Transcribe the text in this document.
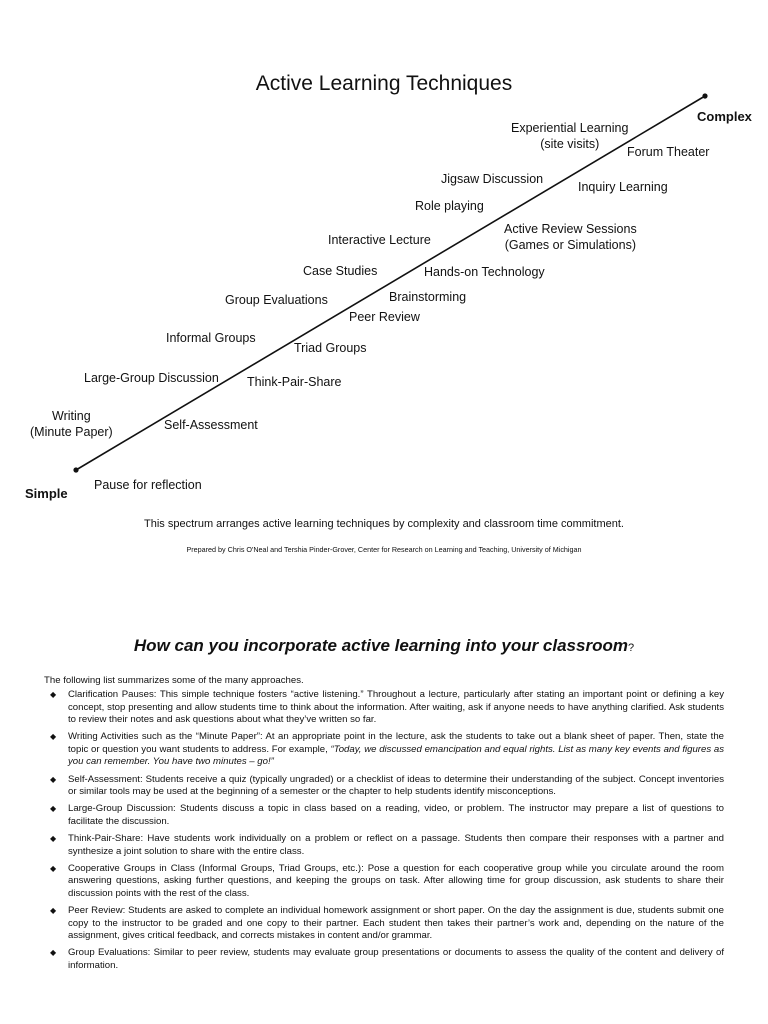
Active Learning Techniques
Simple
Complex
Pause for reflection
Writing
(Minute Paper)	Self-Assessment
Large-Group Discussion Think-Pair-Share
Informal Groups
Triad Groups
Group Evaluations
Peer Review
Brainstorming
Case Studies	Hands-on Technology
Interactive Lecture
Active Review Sessions
(Games or Simulations)
Role playing
Jigsaw Discussion
Inquiry Learning
Experiential Learning
(site visits)
Forum Theater
This spectrum arranges active learning techniques by complexity and classroom time commitment.
Prepared by Chris O'Neal and Tershia Pinder-Grover, Center for Research on Learning and Teaching, University of Michigan
How can you incorporate active learning into your classroom?
The following list summarizes some of the many approaches.
◆ Clarification Pauses: This simple technique fosters “active listening.” Throughout a lecture, particularly after stating an important point or defining a key concept, stop presenting and allow students time to think about the information. After waiting, ask if anyone needs to have anything clarified. Ask students to review their notes and ask questions about what they’ve written so far.
◆ Writing Activities such as the “Minute Paper”: At an appropriate point in the lecture, ask the students to take out a blank sheet of paper. Then, state the topic or question you want students to address. For example, “Today, we discussed emancipation and equal rights. List as many key events and figures as you can remember. You have two minutes – go!”
◆ Self-Assessment: Students receive a quiz (typically ungraded) or a checklist of ideas to determine their understanding of the subject. Concept inventories or similar tools may be used at the beginning of a semester or the chapter to help students identify misconceptions.
◆ Large-Group Discussion: Students discuss a topic in class based on a reading, video, or problem. The instructor may prepare a list of questions to facilitate the discussion.
◆ Think-Pair-Share: Have students work individually on a problem or reflect on a passage. Students then compare their responses with a partner and synthesize a joint solution to share with the entire class.
◆ Cooperative Groups in Class (Informal Groups, Triad Groups, etc.): Pose a question for each cooperative group while you circulate around the room answering questions, asking further questions, and keeping the groups on task. After allowing time for group discussion, ask students to share their discussion points with the rest of the class.
◆ Peer Review: Students are asked to complete an individual homework assignment or short paper. On the day the assignment is due, students submit one copy to the instructor to be graded and one copy to their partner. Each student then takes their partner’s work and, depending on the nature of the assignment, gives critical feedback, and corrects mistakes in content and/or grammar.
◆ Group Evaluations: Similar to peer review, students may evaluate group presentations or documents to assess the quality of the content and delivery of information.
